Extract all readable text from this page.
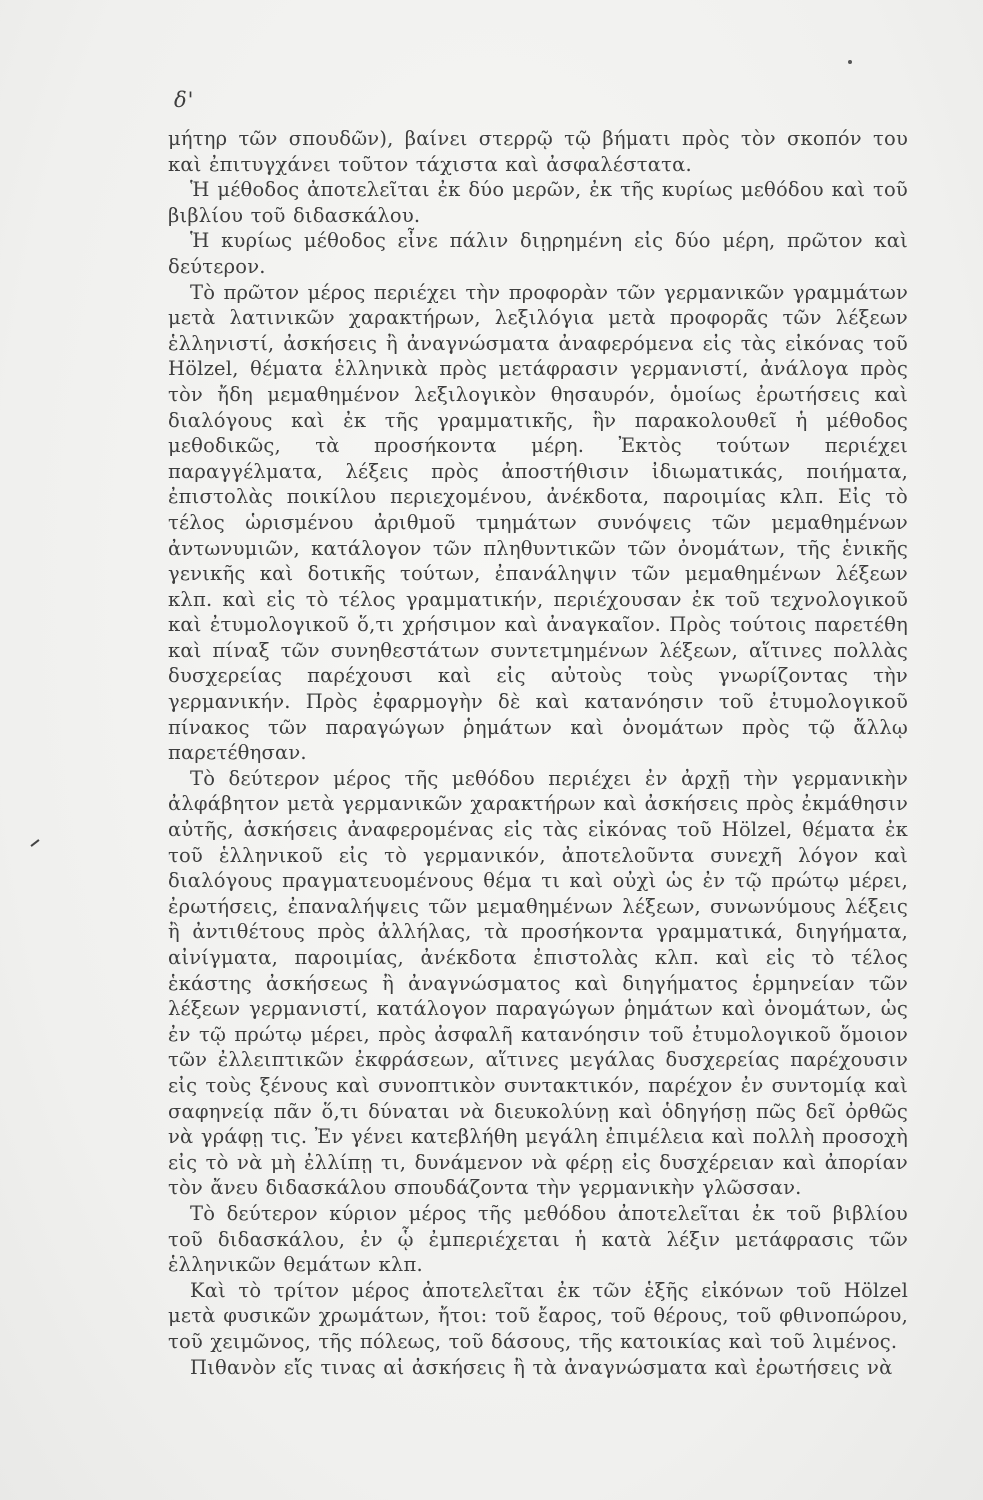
δ'

μήτηρ τῶν σπουδῶν), βαίνει στερρῷ τῷ βήματι πρὸς τὸν σκοπόν του καὶ ἐπιτυγχάνει τοῦτον τάχιστα καὶ ἀσφαλέστατα.

Ἡ μέθοδος ἀποτελεῖται ἐκ δύο μερῶν, ἐκ τῆς κυρίως μεθόδου καὶ τοῦ βιβλίου τοῦ διδασκάλου.

Ἡ κυρίως μέθοδος εἶνε πάλιν διῃρημένη εἰς δύο μέρη, πρῶτον καὶ δεύτερον.

Τὸ πρῶτον μέρος περιέχει τὴν προφορὰν τῶν γερμανικῶν γραμμάτων μετὰ λατινικῶν χαρακτήρων, λεξιλόγια μετὰ προφορᾶς τῶν λέξεων ἑλληνιστί, ἀσκήσεις ἢ ἀναγνώσματα ἀναφερόμενα εἰς τὰς εἰκόνας τοῦ Hölzel, θέματα ἑλληνικὰ πρὸς μετάφρασιν γερμανιστί, ἀνάλογα πρὸς τὸν ἤδη μεμαθημένον λεξιλογικὸν θησαυρόν, ὁμοίως ἐρωτήσεις καὶ διαλόγους καὶ ἐκ τῆς γραμματικῆς, ἣν παρακολουθεῖ ἡ μέθοδος μεθοδικῶς, τὰ προσήκοντα μέρη. Ἐκτὸς τούτων περιέχει παραγγέλματα, λέξεις πρὸς ἀποστήθισιν ἰδιωματικάς, ποιήματα, ἐπιστολὰς ποικίλου περιεχομένου, ἀνέκδοτα, παροιμίας κλπ. Εἰς τὸ τέλος ὡρισμένου ἀριθμοῦ τμημάτων συνόψεις τῶν μεμαθημένων ἀντωνυμιῶν, κατάλογον τῶν πληθυντικῶν τῶν ὀνομάτων, τῆς ἑνικῆς γενικῆς καὶ δοτικῆς τούτων, ἐπανάληψιν τῶν μεμαθημένων λέξεων κλπ. καὶ εἰς τὸ τέλος γραμματικήν, περιέχουσαν ἐκ τοῦ τεχνολογικοῦ καὶ ἐτυμολογικοῦ ὅ,τι χρήσιμον καὶ ἀναγκαῖον. Πρὸς τούτοις παρετέθη καὶ πίναξ τῶν συνηθεστάτων συντετμημένων λέξεων, αἵτινες πολλὰς δυσχερείας παρέχουσι καὶ εἰς αὐτοὺς τοὺς γνωρίζοντας τὴν γερμανικήν. Πρὸς ἐφαρμογὴν δὲ καὶ κατανόησιν τοῦ ἐτυμολογικοῦ πίνακος τῶν παραγώγων ῥημάτων καὶ ὀνομάτων πρὸς τῷ ἄλλῳ παρετέθησαν.

Τὸ δεύτερον μέρος τῆς μεθόδου περιέχει ἐν ἀρχῇ τὴν γερμανικὴν ἀλφάβητον μετὰ γερμανικῶν χαρακτήρων καὶ ἀσκήσεις πρὸς ἐκμάθησιν αὐτῆς, ἀσκήσεις ἀναφερομένας εἰς τὰς εἰκόνας τοῦ Hölzel, θέματα ἐκ τοῦ ἑλληνικοῦ εἰς τὸ γερμανικόν, ἀποτελοῦντα συνεχῆ λόγον καὶ διαλόγους πραγματευομένους θέμα τι καὶ οὐχὶ ὡς ἐν τῷ πρώτῳ μέρει, ἐρωτήσεις, ἐπαναλήψεις τῶν μεμαθημένων λέξεων, συνωνύμους λέξεις ἢ ἀντιθέτους πρὸς ἀλλήλας, τὰ προσήκοντα γραμματικά, διηγήματα, αἰνίγματα, παροιμίας, ἀνέκδοτα ἐπιστολὰς κλπ. καὶ εἰς τὸ τέλος ἑκάστης ἀσκήσεως ἢ ἀναγνώσματος καὶ διηγήματος ἑρμηνείαν τῶν λέξεων γερμανιστί, κατάλογον παραγώγων ῥημάτων καὶ ὀνομάτων, ὡς ἐν τῷ πρώτῳ μέρει, πρὸς ἀσφαλῆ κατανόησιν τοῦ ἐτυμολογικοῦ ὅμοιον τῶν ἐλλειπτικῶν ἐκφράσεων, αἵτινες μεγάλας δυσχερείας παρέχουσιν εἰς τοὺς ξένους καὶ συνοπτικὸν συντακτικόν, παρέχον ἐν συντομίᾳ καὶ σαφηνείᾳ πᾶν ὅ,τι δύναται νὰ διευκολύνῃ καὶ ὁδηγήσῃ πῶς δεῖ ὀρθῶς νὰ γράφῃ τις. Ἐν γένει κατεβλήθη μεγάλη ἐπιμέλεια καὶ πολλὴ προσοχὴ εἰς τὸ νὰ μὴ ἐλλίπῃ τι, δυνάμενον νὰ φέρῃ εἰς δυσχέρειαν καὶ ἀπορίαν τὸν ἄνευ διδασκάλου σπουδάζοντα τὴν γερμανικὴν γλῶσσαν.

Τὸ δεύτερον κύριον μέρος τῆς μεθόδου ἀποτελεῖται ἐκ τοῦ βιβλίου τοῦ διδασκάλου, ἐν ᾧ ἐμπεριέχεται ἡ κατὰ λέξιν μετάφρασις τῶν ἑλληνικῶν θεμάτων κλπ.

Καὶ τὸ τρίτον μέρος ἀποτελεῖται ἐκ τῶν ἑξῆς εἰκόνων τοῦ Hölzel μετὰ φυσικῶν χρωμάτων, ἤτοι: τοῦ ἔαρος, τοῦ θέρους, τοῦ φθινοπώρου, τοῦ χειμῶνος, τῆς πόλεως, τοῦ δάσους, τῆς κατοικίας καὶ τοῦ λιμένος.

Πιθανὸν εἴς τινας αἱ ἀσκήσεις ἢ τὰ ἀναγνώσματα καὶ ἐρωτήσεις νὰ
